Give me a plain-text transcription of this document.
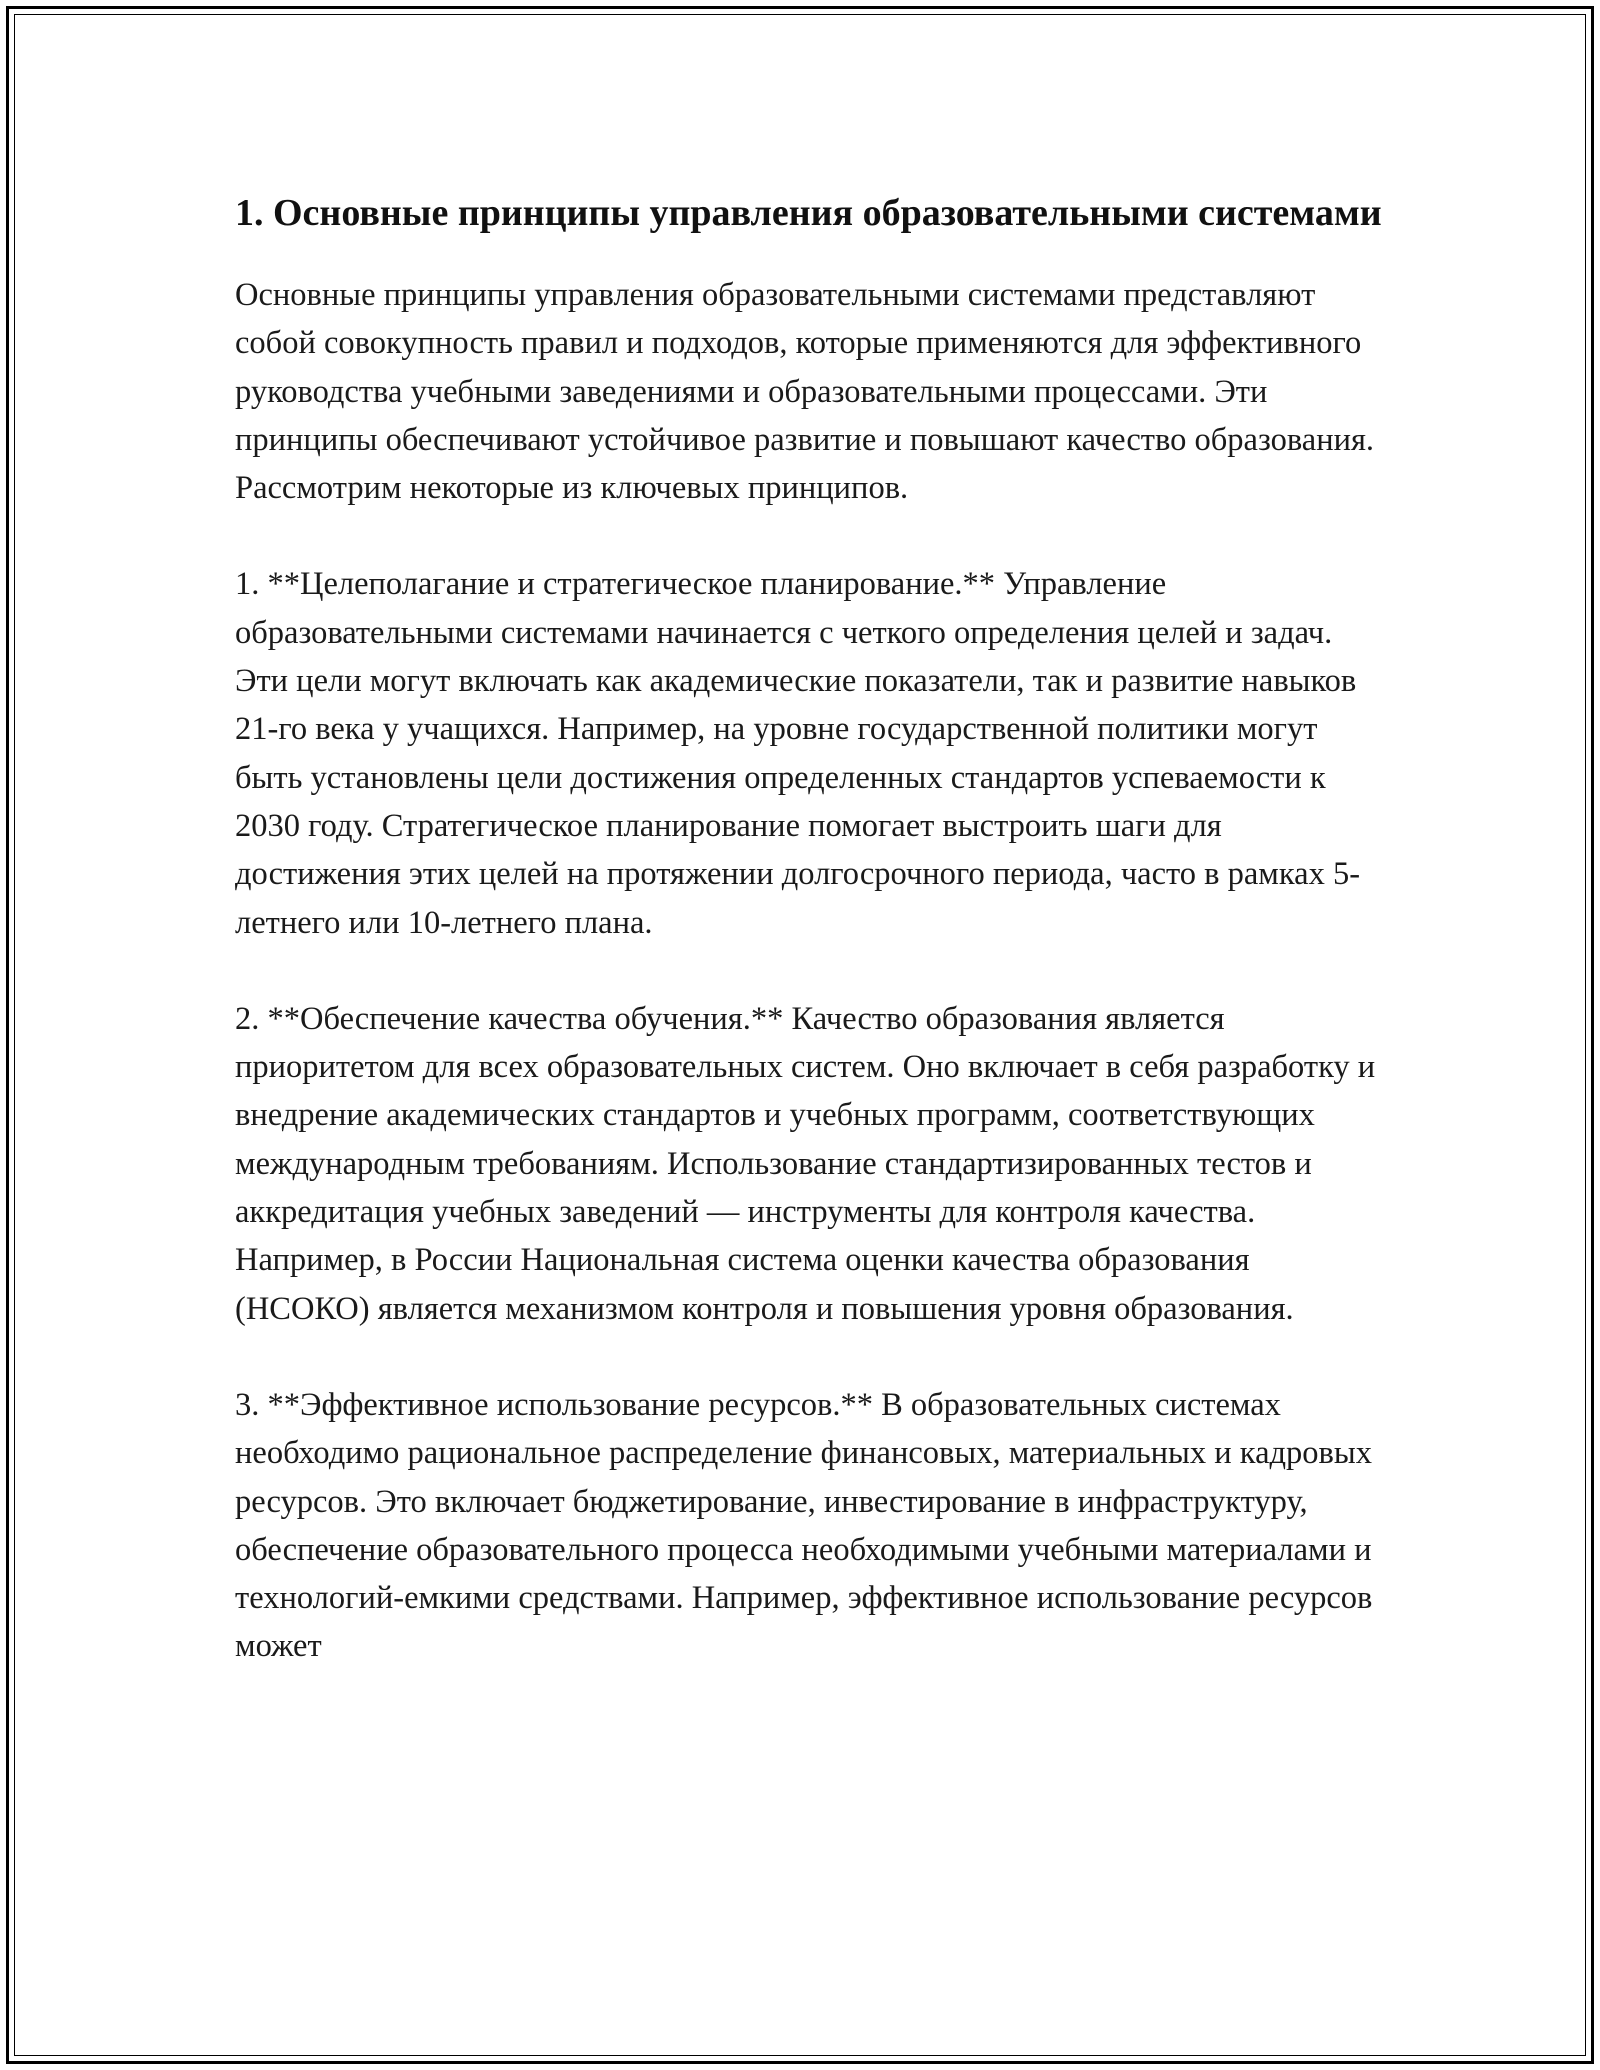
1. Основные принципы управления образовательными системами

Основные принципы управления образовательными системами представляют собой совокупность правил и подходов, которые применяются для эффективного руководства учебными заведениями и образовательными процессами. Эти принципы обеспечивают устойчивое развитие и повышают качество образования. Рассмотрим некоторые из ключевых принципов.

1. **Целеполагание и стратегическое планирование.** Управление образовательными системами начинается с четкого определения целей и задач. Эти цели могут включать как академические показатели, так и развитие навыков 21-го века у учащихся. Например, на уровне государственной политики могут быть установлены цели достижения определенных стандартов успеваемости к 2030 году. Стратегическое планирование помогает выстроить шаги для достижения этих целей на протяжении долгосрочного периода, часто в рамках 5-летнего или 10-летнего плана.

2. **Обеспечение качества обучения.** Качество образования является приоритетом для всех образовательных систем. Оно включает в себя разработку и внедрение академических стандартов и учебных программ, соответствующих международным требованиям. Использование стандартизированных тестов и аккредитация учебных заведений — инструменты для контроля качества. Например, в России Национальная система оценки качества образования (НСОКО) является механизмом контроля и повышения уровня образования.

3. **Эффективное использование ресурсов.** В образовательных системах необходимо рациональное распределение финансовых, материальных и кадровых ресурсов. Это включает бюджетирование, инвестирование в инфраструктуру, обеспечение образовательного процесса необходимыми учебными материалами и технологий-емкими средствами. Например, эффективное использование ресурсов может
